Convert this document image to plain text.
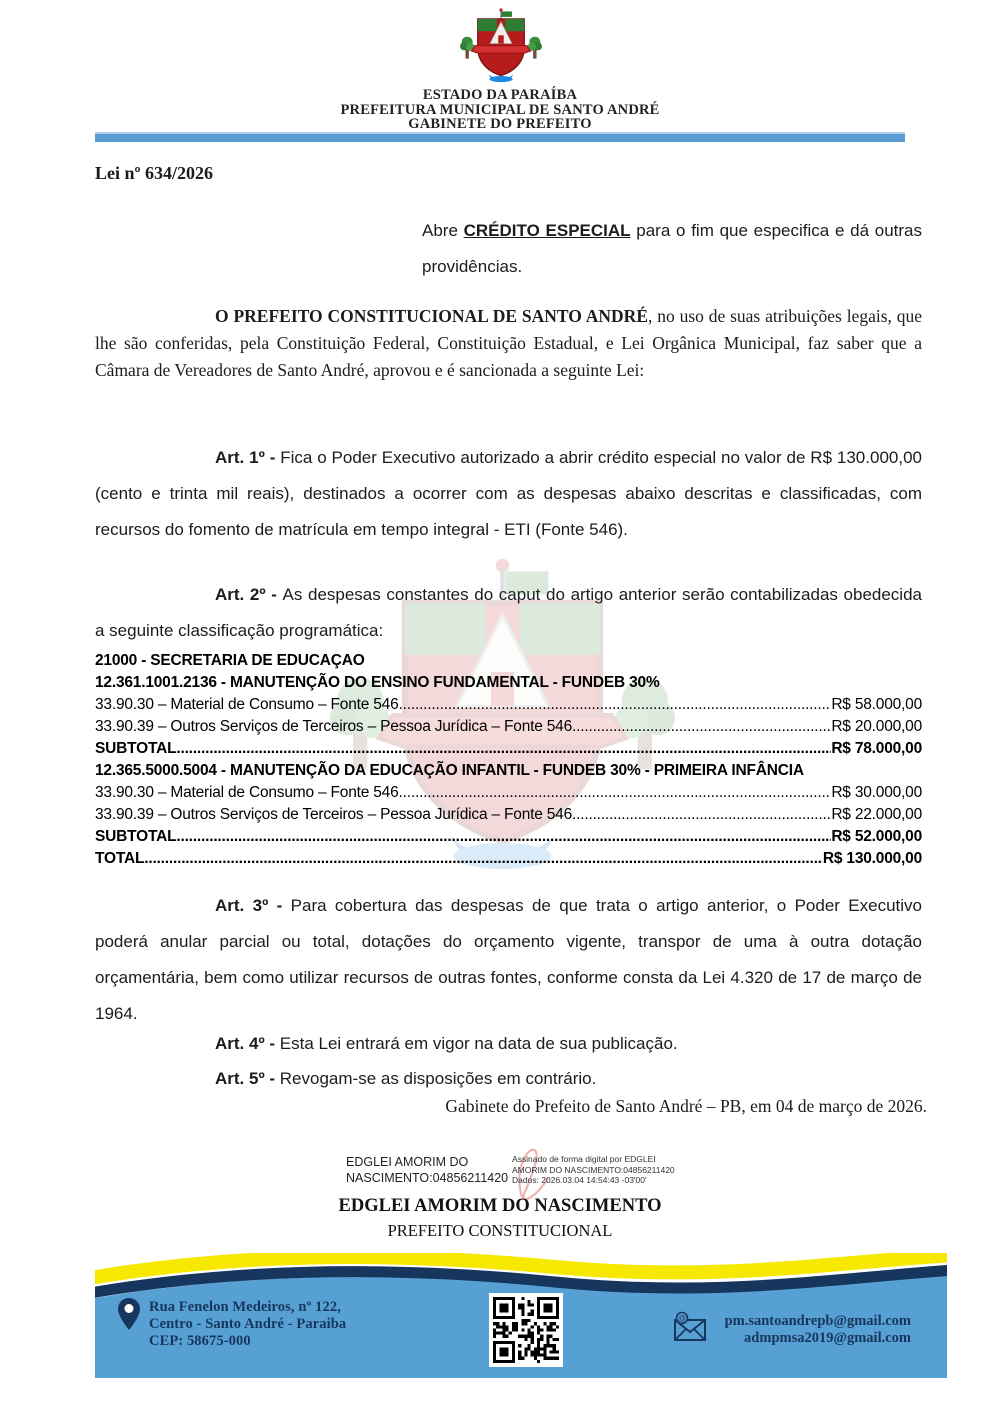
ESTADO DA PARAÍBA
PREFEITURA MUNICIPAL DE SANTO ANDRÉ
GABINETE DO PREFEITO
Lei nº 634/2026
Abre CRÉDITO ESPECIAL para o fim que especifica e dá outras providências.
O PREFEITO CONSTITUCIONAL DE SANTO ANDRÉ, no uso de suas atribuições legais, que lhe são conferidas, pela Constituição Federal, Constituição Estadual, e Lei Orgânica Municipal, faz saber que a Câmara de Vereadores de Santo André, aprovou e é sancionada a seguinte Lei:
Art. 1º - Fica o Poder Executivo autorizado a abrir crédito especial no valor de R$ 130.000,00 (cento e trinta mil reais), destinados a ocorrer com as despesas abaixo descritas e classificadas, com recursos do fomento de matrícula em tempo integral - ETI (Fonte 546).
Art. 2º - As despesas constantes do caput do artigo anterior serão contabilizadas obedecida a seguinte classificação programática:
21000 - SECRETARIA DE EDUCAÇAO
12.361.1001.2136 - MANUTENÇÃO DO ENSINO FUNDAMENTAL - FUNDEB 30%
33.90.30 – Material de Consumo – Fonte 546 .....	R$ 58.000,00
33.90.39 – Outros Serviços de Terceiros – Pessoa Jurídica – Fonte 546 .....	R$ 20.000,00
SUBTOTAL .....	R$ 78.000,00
12.365.5000.5004 - MANUTENÇÃO DA EDUCAÇÃO INFANTIL - FUNDEB 30% - PRIMEIRA INFÂNCIA
33.90.30 – Material de Consumo – Fonte 546 .....	R$ 30.000,00
33.90.39 – Outros Serviços de Terceiros – Pessoa Jurídica – Fonte 546 .....	R$ 22.000,00
SUBTOTAL .....	R$ 52.000,00
TOTAL .....	R$ 130.000,00
Art. 3º - Para cobertura das despesas de que trata o artigo anterior, o Poder Executivo poderá anular parcial ou total, dotações do orçamento vigente, transpor de uma à outra dotação orçamentária, bem como utilizar recursos de outras fontes, conforme consta da Lei 4.320 de 17 de março de 1964.
Art. 4º - Esta Lei entrará em vigor na data de sua publicação.
Art. 5º - Revogam-se as disposições em contrário.
Gabinete do Prefeito de Santo André – PB, em 04 de março de 2026.
EDGLEI AMORIM DO NASCIMENTO:04856211420
Assinado de forma digital por EDGLEI
AMORIM DO NASCIMENTO:04856211420
Dados: 2026.03.04 14:54:43 -03'00'
EDGLEI AMORIM DO NASCIMENTO
PREFEITO CONSTITUCIONAL
Rua Fenelon Medeiros, nº 122,
Centro - Santo André - Paraiba
CEP: 58675-000
@	pm.santoandrepb@gmail.com
admpmsa2019@gmail.com
